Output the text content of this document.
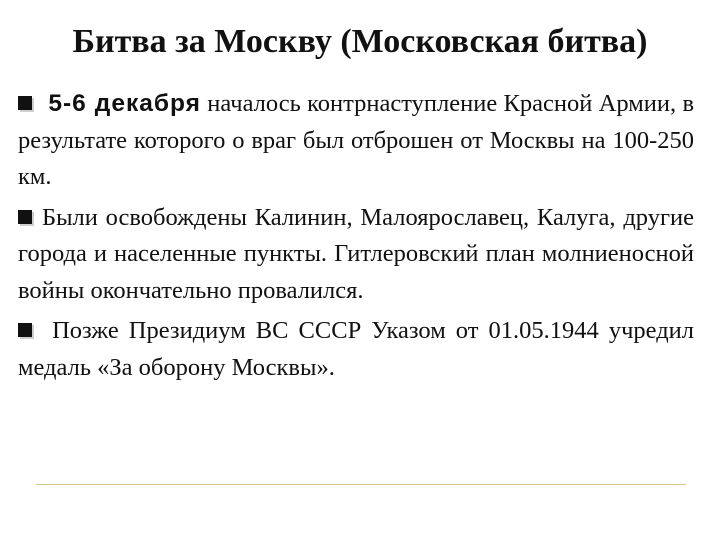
Битва за Москву (Московская битва)
5-6 декабря началось контрнаступление Красной Армии, в результате которого о враг был отброшен от Москвы на 100-250 км.
Были освобождены Калинин, Малоярославец, Калуга, другие города и населенные пункты. Гитлеровский план молниеносной войны окончательно провалился.
Позже Президиум ВС СССР Указом от 01.05.1944 учредил медаль «За оборону Москвы».
